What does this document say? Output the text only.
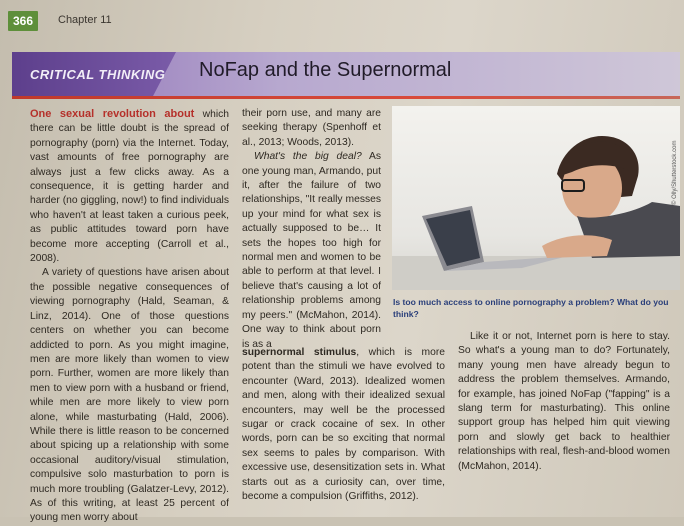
366	Chapter 11
CRITICAL THINKING NoFap and the Supernormal

One sexual revolution about which there can be little doubt is the spread of pornography (porn) via the Internet. Today, vast amounts of free pornography are always just a few clicks away. As a consequence, it is getting harder and harder (no giggling, now!) to find individuals who haven't at least taken a curious peek, as public attitudes toward porn have become more accepting (Carroll et al., 2008).

A variety of questions have arisen about the possible negative consequences of viewing pornography (Hald, Seaman, & Linz, 2014). One of those questions centers on whether you can become addicted to porn. As you might imagine, men are more likely than women to view porn. Further, women are more likely than men to view porn with a husband or friend, while men are more likely to view porn alone, while masturbating (Hald, 2006). While there is little reason to be concerned about spicing up a relationship with some occasional auditory/visual stimulation, compulsive solo masturbation to porn is much more troubling (Galatzer-Levy, 2012). As of this writing, at least 25 percent of young men worry about

their porn use, and many are seeking therapy (Spenhoff et al., 2013; Woods, 2013).

What's the big deal? As one young man, Armando, put it, after the failure of two relationships, "It really messes up your mind for what sex is actually supposed to be… It sets the hopes too high for normal men and women to be able to perform at that level. I believe that's causing a lot of relationship problems among my peers." (McMahon, 2014). One way to think about porn is as a

supernormal stimulus, which is more potent than the stimuli we have evolved to encounter (Ward, 2013). Idealized women and men, along with their idealized sexual encounters, may well be the processed sugar or crack cocaine of sex. In other words, porn can be so exciting that normal sex seems to pales by comparison. With excessive use, desensitization sets in. What starts out as a curiosity can, over time, become a compulsion (Griffiths, 2012).

© Olly/Shutterstock.com
Is too much access to online pornography a problem? What do you think?

Like it or not, Internet porn is here to stay. So what's a young man to do? Fortunately, many young men have already begun to address the problem themselves. Armando, for example, has joined NoFap ("fapping" is a slang term for masturbating). This online support group has helped him quit viewing porn and slowly get back to healthier relationships with real, flesh-and-blood women (McMahon, 2014).
